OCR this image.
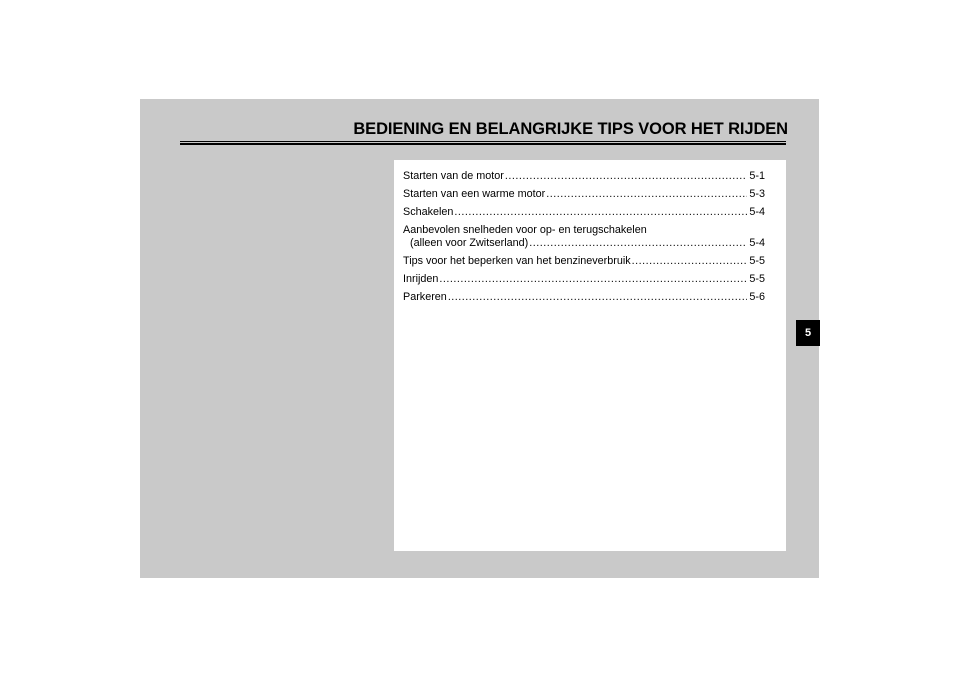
BEDIENING EN BELANGRIJKE TIPS VOOR HET RIJDEN
Starten van de motor .....	5-1
Starten van een warme motor .....	5-3
Schakelen .....	5-4
Aanbevolen snelheden voor op- en terugschakelen
(alleen voor Zwitserland) .....	5-4
Tips voor het beperken van het benzineverbruik .....	5-5
Inrijden .....	5-5
Parkeren .....	5-6
5
